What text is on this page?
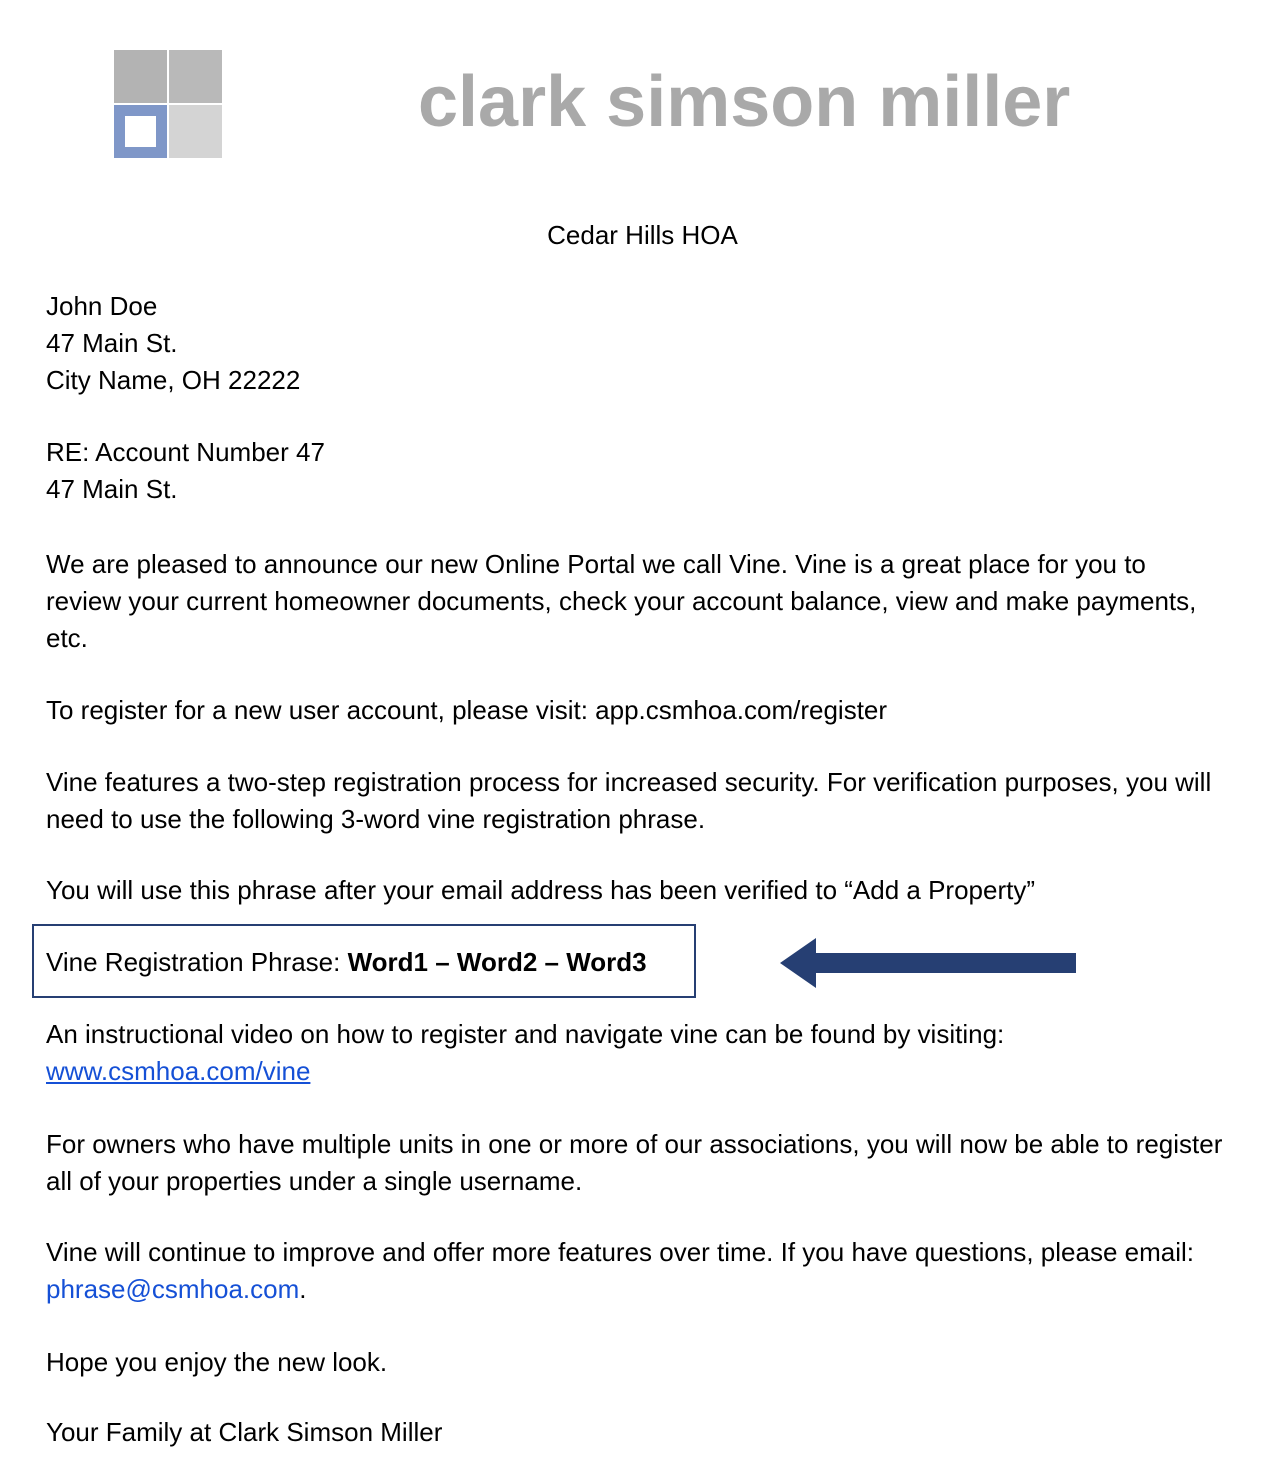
clark simson miller
Cedar Hills HOA

John Doe

47 Main St.

City Name, OH 22222

RE: Account Number 47

47 Main St.

We are pleased to announce our new Online Portal we call Vine. Vine is a great place for you to review your current homeowner documents, check your account balance, view and make payments, etc.

To register for a new user account, please visit: app.csmhoa.com/register

Vine features a two-step registration process for increased security. For verification purposes, you will need to use the following 3-word vine registration phrase.

You will use this phrase after your email address has been verified to “Add a Property”

Vine Registration Phrase: Word1 – Word2 – Word3

An instructional video on how to register and navigate vine can be found by visiting:

www.csmhoa.com/vine

For owners who have multiple units in one or more of our associations, you will now be able to register all of your properties under a single username.

Vine will continue to improve and offer more features over time. If you have questions, please email: phrase@csmhoa.com.

Hope you enjoy the new look.

Your Family at Clark Simson Miller
